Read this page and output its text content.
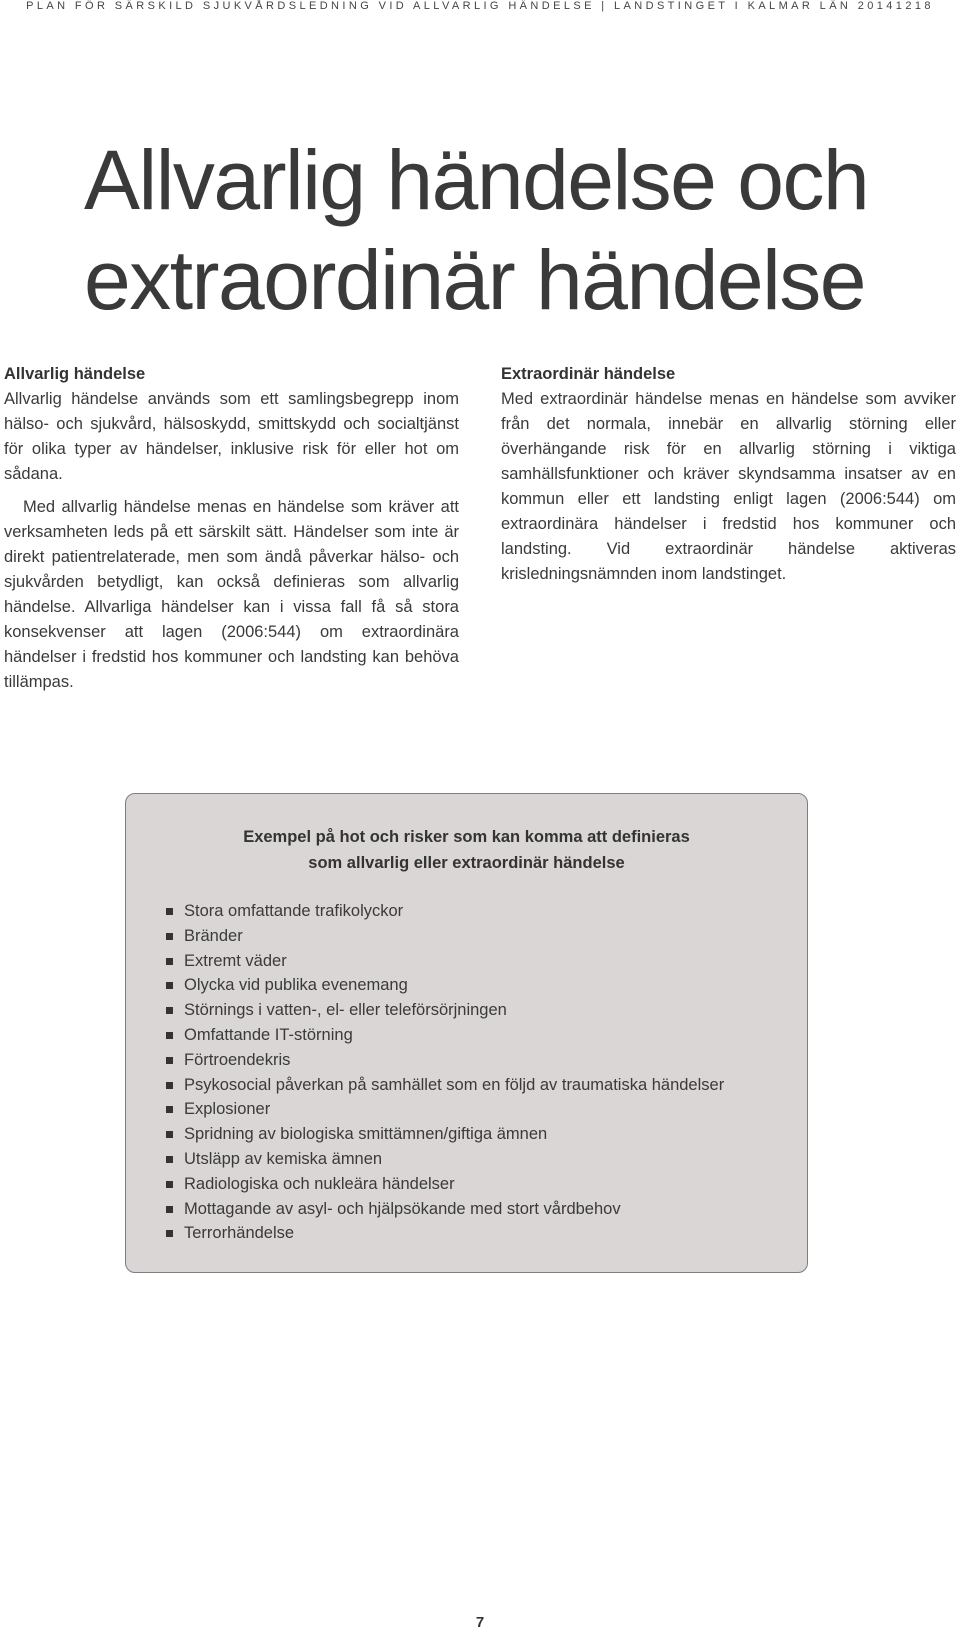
PLAN FÖR SÄRSKILD SJUKVÅRDSLEDNING VID ALLVARLIG HÄNDELSE | LANDSTINGET I KALMAR LÄN 20141218
Allvarlig händelse och
extraordinär händelse
Allvarlig händelse

Allvarlig händelse används som ett samlingsbegrepp inom hälso- och sjukvård, hälsoskydd, smittskydd och socialtjänst för olika typer av händelser, inklusive risk för eller hot om sådana.

Med allvarlig händelse menas en händelse som kräver att verksamheten leds på ett särskilt sätt. Händelser som inte är direkt patientrelaterade, men som ändå påverkar hälso- och sjukvården betydligt, kan också definieras som allvarlig händelse. Allvarliga händelser kan i vissa fall få så stora konsekvenser att lagen (2006:544) om extraordinära händelser i fredstid hos kommuner och landsting kan behöva tillämpas.

Extraordinär händelse

Med extraordinär händelse menas en händelse som avviker från det normala, innebär en allvarlig störning eller överhängande risk för en allvarlig störning i viktiga samhällsfunktioner och kräver skyndsamma insatser av en kommun eller ett landsting enligt lagen (2006:544) om extraordinära händelser i fredstid hos kommuner och landsting. Vid extraordinär händelse aktiveras krisledningsnämnden inom landstinget.

Exempel på hot och risker som kan komma att definieras
som allvarlig eller extraordinär händelse
Stora omfattande trafikolyckor
Bränder
Extremt väder
Olycka vid publika evenemang
Störnings i vatten-, el- eller teleförsörjningen
Omfattande IT-störning
Förtroendekris
Psykosocial påverkan på samhället som en följd av traumatiska händelser
Explosioner
Spridning av biologiska smittämnen/giftiga ämnen
Utsläpp av kemiska ämnen
Radiologiska och nukleära händelser
Mottagande av asyl- och hjälpsökande med stort vårdbehov
Terrorhändelse
7
